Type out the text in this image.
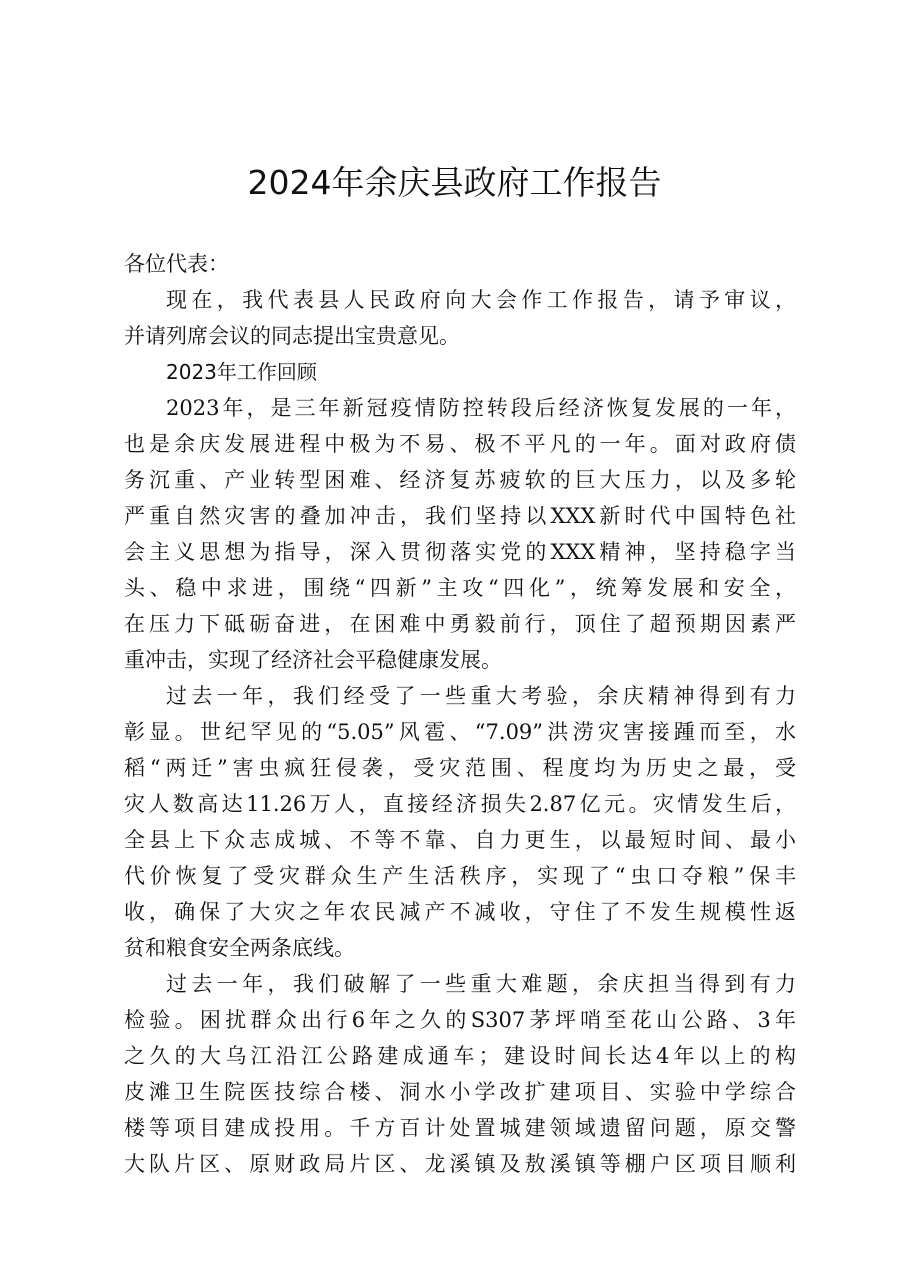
2024年余庆县政府工作报告

各位代表：

现在，我代表县人民政府向大会作工作报告，请予审议，
并请列席会议的同志提出宝贵意见。

2023年工作回顾

2023年，是三年新冠疫情防控转段后经济恢复发展的一年，
也是余庆发展进程中极为不易、极不平凡的一年。面对政府债
务沉重、产业转型困难、经济复苏疲软的巨大压力，以及多轮
严重自然灾害的叠加冲击，我们坚持以XXX新时代中国特色社
会主义思想为指导，深入贯彻落实党的XXX精神，坚持稳字当
头、稳中求进，围绕“四新”主攻“四化”，统筹发展和安全，
在压力下砥砺奋进，在困难中勇毅前行，顶住了超预期因素严
重冲击，实现了经济社会平稳健康发展。
过去一年，我们经受了一些重大考验，余庆精神得到有力
彰显。世纪罕见的“5.05”风雹、“7.09”洪涝灾害接踵而至，水
稻“两迁”害虫疯狂侵袭，受灾范围、程度均为历史之最，受
灾人数高达11.26万人，直接经济损失2.87亿元。灾情发生后，
全县上下众志成城、不等不靠、自力更生，以最短时间、最小
代价恢复了受灾群众生产生活秩序，实现了“虫口夺粮”保丰
收，确保了大灾之年农民减产不减收，守住了不发生规模性返
贫和粮食安全两条底线。
过去一年，我们破解了一些重大难题，余庆担当得到有力
检验。困扰群众出行6年之久的S307茅坪哨至花山公路、3年
之久的大乌江沿江公路建成通车；建设时间长达4年以上的构
皮滩卫生院医技综合楼、洞水小学改扩建项目、实验中学综合
楼等项目建成投用。千方百计处置城建领域遗留问题，原交警
大队片区、原财政局片区、龙溪镇及敖溪镇等棚户区项目顺利
